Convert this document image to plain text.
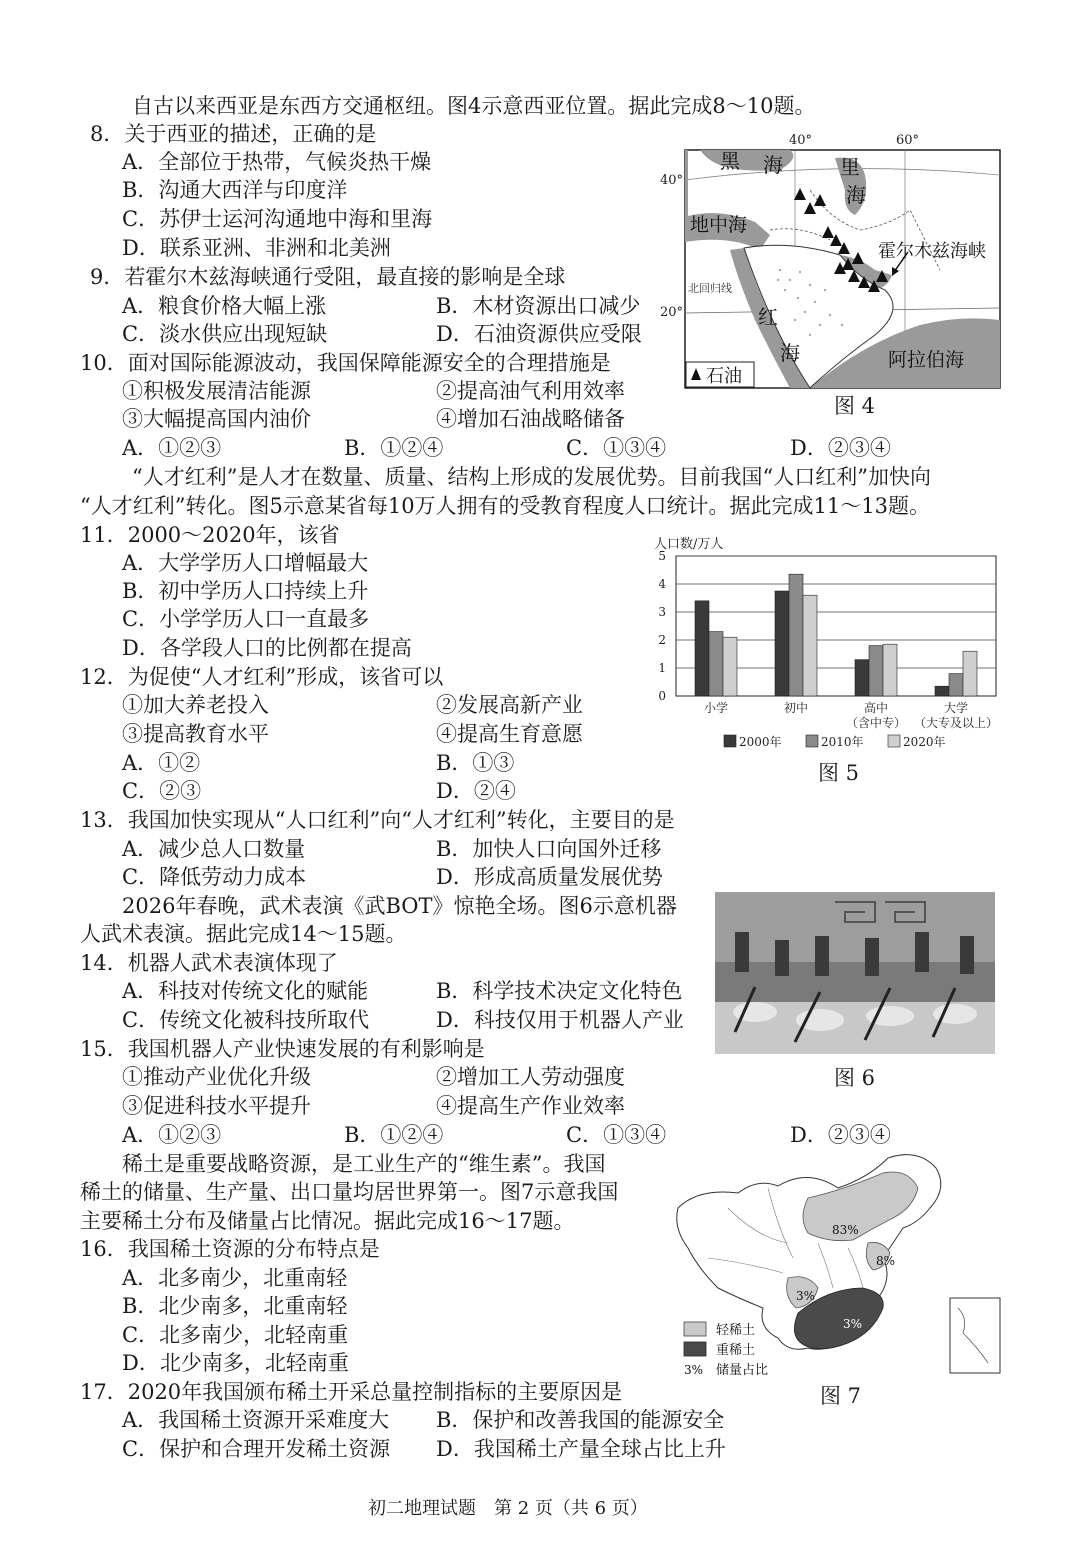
自古以来西亚是东西方交通枢纽。图4示意西亚位置。据此完成8～10题。
8．关于西亚的描述，正确的是
A．全部位于热带，气候炎热干燥
B．沟通大西洋与印度洋
C．苏伊士运河沟通地中海和里海
D．联系亚洲、非洲和北美洲
9．若霍尔木兹海峡通行受阻，最直接的影响是全球
A．粮食价格大幅上涨	B．木材资源出口减少
C．淡水供应出现短缺	D．石油资源供应受限
10．面对国际能源波动，我国保障能源安全的合理措施是
①积极发展清洁能源	②提高油气利用效率
③大幅提高国内油价	④增加石油战略储备
A．①②③	B．①②④	C．①③④	D．②③④
40°	60°
40°
20°
黑 海	里
海
地中海
霍尔木兹海峡
北回归线
红
海	阿拉伯海
石油
图 4
“人才红利”是人才在数量、质量、结构上形成的发展优势。目前我国“人口红利”加快向
“人才红利”转化。图5示意某省每10万人拥有的受教育程度人口统计。据此完成11～13题。
11．2000～2020年，该省
A．大学学历人口增幅最大
B．初中学历人口持续上升
C．小学学历人口一直最多
D．各学段人口的比例都在提高
12．为促使“人才红利”形成，该省可以
①加大养老投入	②发展高新产业
③提高教育水平	④提高生育意愿
A．①②	B．①③
C．②③	D．②④
13．我国加快实现从“人口红利”向“人才红利”转化，主要目的是
A．减少总人口数量	B．加快人口向国外迁移
C．降低劳动力成本	D．形成高质量发展优势
人口数/万人
0
1
2
3
4
5
小学	初中	高中
（含中专）
大学
（大专及以上）
2000年	2010年	2020年
图 5
2026年春晚，武术表演《武BOT》惊艳全场。图6示意机器
人武术表演。据此完成14～15题。
14．机器人武术表演体现了
A．科技对传统文化的赋能	B．科学技术决定文化特色
C．传统文化被科技所取代	D．科技仅用于机器人产业
15．我国机器人产业快速发展的有利影响是
①推动产业优化升级	②增加工人劳动强度
③促进科技水平提升	④提高生产作业效率
A．①②③	B．①②④	C．①③④	D．②③④
图 6
稀土是重要战略资源，是工业生产的“维生素”。我国
稀土的储量、生产量、出口量均居世界第一。图7示意我国
主要稀土分布及储量占比情况。据此完成16～17题。
16．我国稀土资源的分布特点是
A．北多南少，北重南轻
B．北少南多，北重南轻
C．北多南少，北轻南重
D．北少南多，北轻南重
17．2020年我国颁布稀土开采总量控制指标的主要原因是
A．我国稀土资源开采难度大 B．保护和改善我国的能源安全
C．保护和合理开发稀土资源 D．我国稀土产量全球占比上升
83%
8%
3%
3%
轻稀土
重稀土
3% 储量占比
图 7
初二地理试题　第 2 页（共 6 页）
